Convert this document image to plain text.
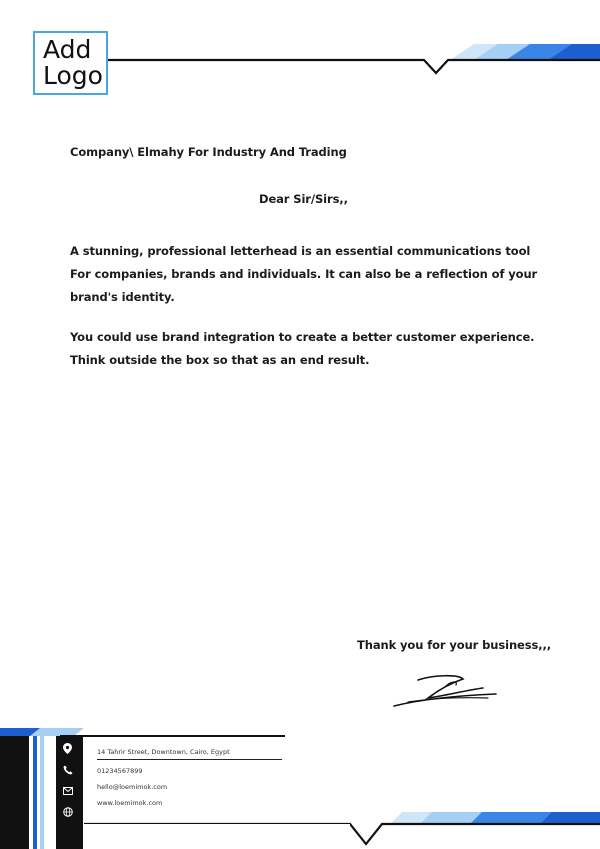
Add
Logo
Company\ Elmahy For Industry And Trading
Dear Sir/Sirs,,
A stunning, professional letterhead is an essential communications tool
For companies, brands and individuals. It can also be a reflection of your
brand's identity.
You could use brand integration to create a better customer experience.
Think outside the box so that as an end result.
Thank you for your business,,,
14 Tahrir Street, Downtown, Cairo, Egypt
01234567899
hello@loemimok.com
www.loemimok.com
